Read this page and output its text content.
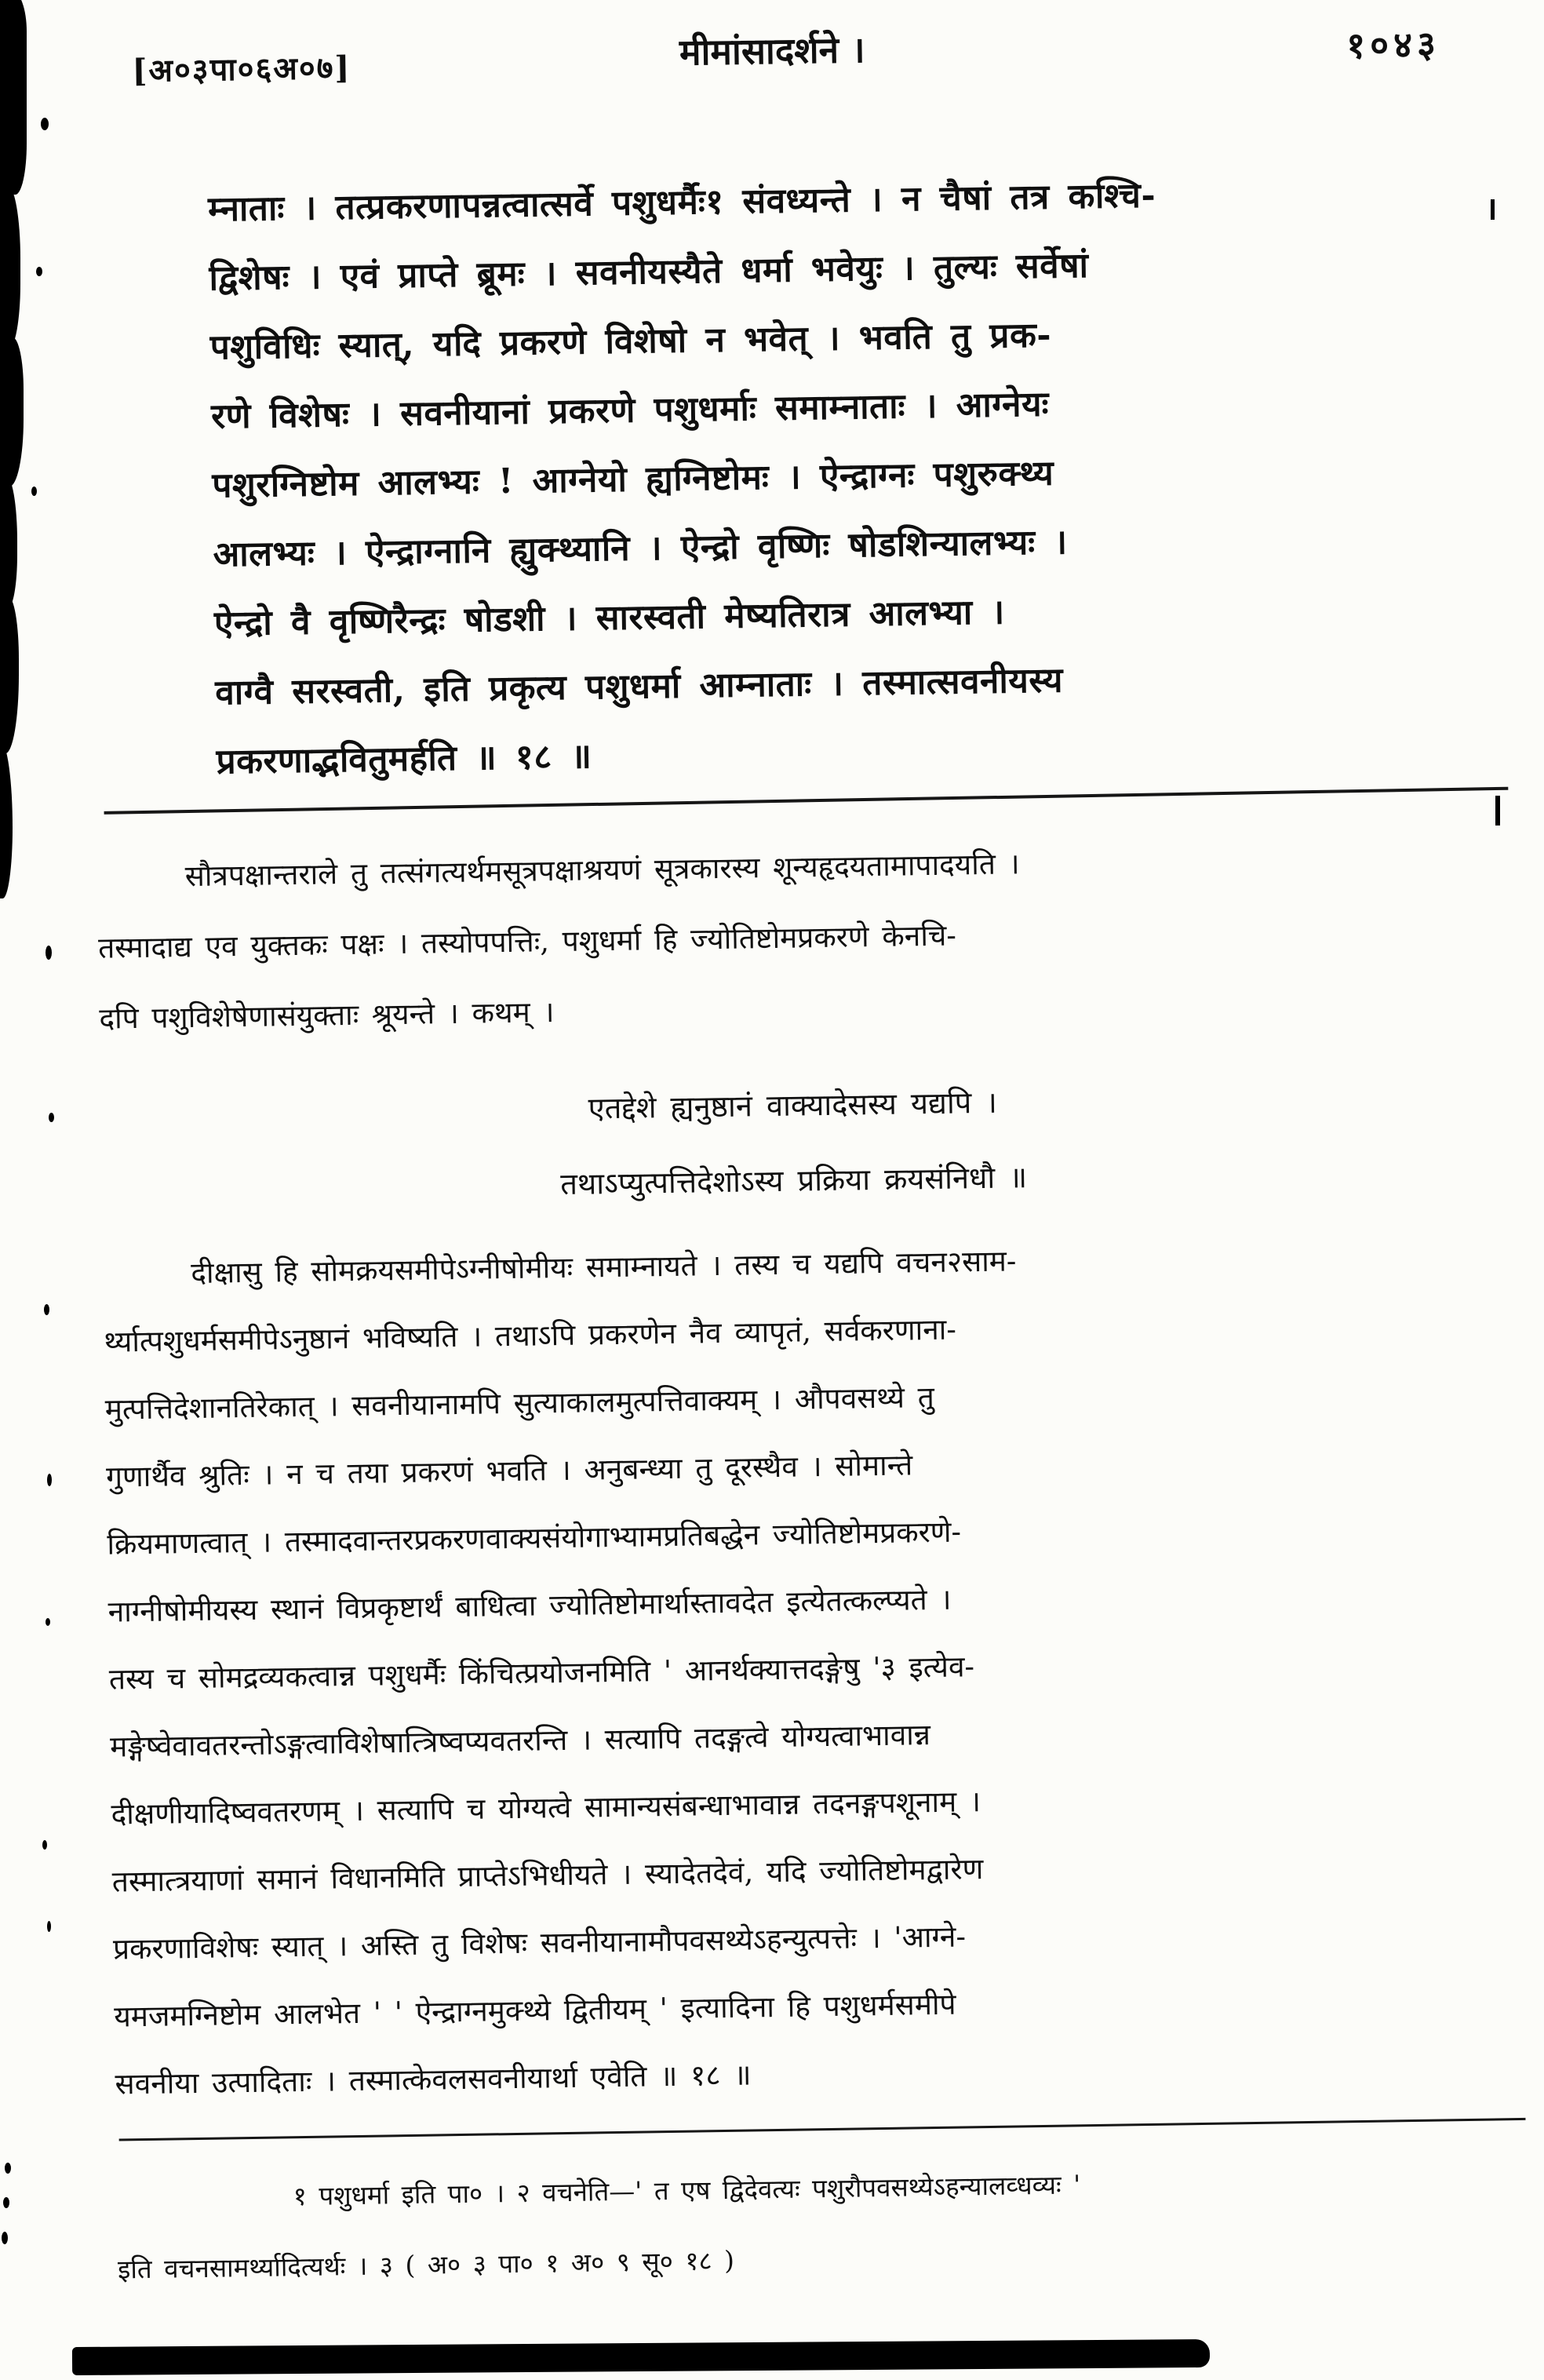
[अ०३पा०६अ०७]	मीमांसादर्शने ।	१०४३
म्नाताः । तत्प्रकरणापन्नत्वात्सर्वे पशुधर्मैः१ संवध्यन्ते । न चैषां तत्र कश्चि-
द्विशेषः । एवं प्राप्ते ब्रूमः । सवनीयस्यैते धर्मा भवेयुः । तुल्यः सर्वेषां
पशुविधिः स्यात्, यदि प्रकरणे विशेषो न भवेत् । भवति तु प्रक-
रणे विशेषः । सवनीयानां प्रकरणे पशुधर्माः समाम्नाताः । आग्नेयः
पशुरग्निष्टोम आलभ्यः ! आग्नेयो ह्यग्निष्टोमः । ऐन्द्राग्नः पशुरुक्थ्य
आलभ्यः । ऐन्द्राग्नानि ह्युक्थ्यानि । ऐन्द्रो वृष्णिः षोडशिन्यालभ्यः ।
ऐन्द्रो वै वृष्णिरैन्द्रः षोडशी । सारस्वती मेष्यतिरात्र आलभ्या ।
वाग्वै सरस्वती, इति प्रकृत्य पशुधर्मा आम्नाताः । तस्मात्सवनीयस्य
प्रकरणाद्भवितुमर्हति ॥ १८ ॥
सौत्रपक्षान्तराले तु तत्संगत्यर्थमसूत्रपक्षाश्रयणं सूत्रकारस्य शून्यहृदयतामापादयति ।
तस्मादाद्य एव युक्तकः पक्षः । तस्योपपत्तिः, पशुधर्मा हि ज्योतिष्टोमप्रकरणे केनचि-
दपि पशुविशेषेणासंयुक्ताः श्रूयन्ते । कथम् ।
एतद्देशे ह्यनुष्ठानं वाक्यादेसस्य यद्यपि ।
तथाऽप्युत्पत्तिदेशोऽस्य प्रक्रिया क्रयसंनिधौ ॥
दीक्षासु हि सोमक्रयसमीपेऽग्नीषोमीयः समाम्नायते । तस्य च यद्यपि वचन२साम-
र्थ्यात्पशुधर्मसमीपेऽनुष्ठानं भविष्यति । तथाऽपि प्रकरणेन नैव व्यापृतं, सर्वकरणाना-
मुत्पत्तिदेशानतिरेकात् । सवनीयानामपि सुत्याकालमुत्पत्तिवाक्यम् । औपवसथ्ये तु
गुणार्थैव श्रुतिः । न च तया प्रकरणं भवति । अनुबन्ध्या तु दूरस्थैव । सोमान्ते
क्रियमाणत्वात् । तस्मादवान्तरप्रकरणवाक्यसंयोगाभ्यामप्रतिबद्धेन ज्योतिष्टोमप्रकरणे-
नाग्नीषोमीयस्य स्थानं विप्रकृष्टार्थं बाधित्वा ज्योतिष्टोमार्थास्तावदेत इत्येतत्कल्प्यते ।
तस्य च सोमद्रव्यकत्वान्न पशुधर्मैः किंचित्प्रयोजनमिति ' आनर्थक्यात्तदङ्गेषु '३ इत्येव-
मङ्गेष्वेवावतरन्तोऽङ्गत्वाविशेषात्त्रिष्वप्यवतरन्ति । सत्यापि तदङ्गत्वे योग्यत्वाभावान्न
दीक्षणीयादिष्ववतरणम् । सत्यापि च योग्यत्वे सामान्यसंबन्धाभावान्न तदनङ्गपशूनाम् ।
तस्मात्त्रयाणां समानं विधानमिति प्राप्तेऽभिधीयते । स्यादेतदेवं, यदि ज्योतिष्टोमद्वारेण
प्रकरणाविशेषः स्यात् । अस्ति तु विशेषः सवनीयानामौपवसथ्येऽहन्युत्पत्तेः । 'आग्ने-
यमजमग्निष्टोम आलभेत ' ' ऐन्द्राग्नमुक्थ्ये द्वितीयम् ' इत्यादिना हि पशुधर्मसमीपे
सवनीया उत्पादिताः । तस्मात्केवलसवनीयार्था एवेति ॥ १८ ॥
१ पशुधर्मा इति पा० । २ वचनेति—' त एष द्विदेवत्यः पशुरौपवसथ्येऽहन्यालव्धव्यः '
इति वचनसामर्थ्यादित्यर्थः । ३ ( अ० ३ पा० १ अ० ९ सू० १८ )
